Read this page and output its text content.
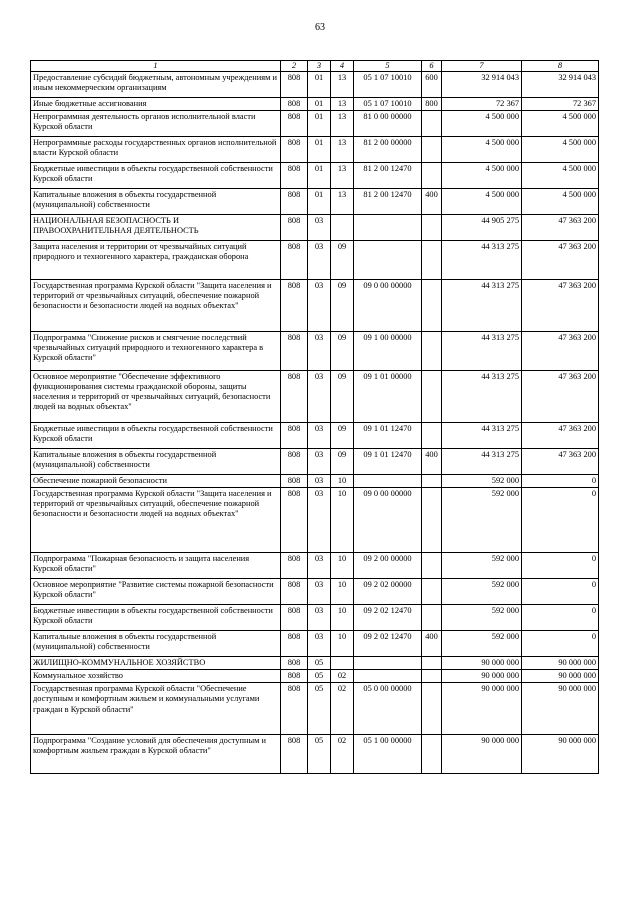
63
1	2	3	4	5	6	7	8
Предоставление субсидий бюджетным, автономным учреждениям и иным некоммерческим организациям	808	01	13	05 1 07 10010	600	32 914 043	32 914 043
Иные бюджетные ассигнования	808	01	13	05 1 07 10010	800	72 367	72 367
Непрограммная деятельность органов исполнительной власти Курской области	808	01	13	81 0 00 00000		4 500 000	4 500 000
Непрограммные расходы государственных органов исполнительной власти Курской области	808	01	13	81 2 00 00000		4 500 000	4 500 000
Бюджетные инвестиции в объекты государственной собственности Курской области	808	01	13	81 2 00 12470		4 500 000	4 500 000
Капитальные вложения в объекты государственной (муниципальной) собственности	808	01	13	81 2 00 12470	400	4 500 000	4 500 000
НАЦИОНАЛЬНАЯ БЕЗОПАСНОСТЬ И ПРАВООХРАНИТЕЛЬНАЯ ДЕЯТЕЛЬНОСТЬ	808	03				44 905 275	47 363 200
Защита населения и территории от чрезвычайных ситуаций природного и техногенного характера, гражданская оборона	808	03	09			44 313 275	47 363 200
Государственная программа Курской области "Защита населения и территорий от чрезвычайных ситуаций, обеспечение пожарной безопасности и безопасности людей на водных объектах"	808	03	09	09 0 00 00000		44 313 275	47 363 200
Подпрограмма "Снижение рисков и смягчение последствий чрезвычайных ситуаций природного и техногенного характера в Курской области"	808	03	09	09 1 00 00000		44 313 275	47 363 200
Основное мероприятие "Обеспечение эффективного функционирования системы гражданской обороны, защиты населения и территорий от чрезвычайных ситуаций, безопасности людей на водных объектах"	808	03	09	09 1 01 00000		44 313 275	47 363 200
Бюджетные инвестиции в объекты государственной собственности Курской области	808	03	09	09 1 01 12470		44 313 275	47 363 200
Капитальные вложения в объекты государственной (муниципальной) собственности	808	03	09	09 1 01 12470	400	44 313 275	47 363 200
Обеспечение пожарной безопасности	808	03	10			592 000	0
Государственная программа Курской области "Защита населения и территорий от чрезвычайных ситуаций, обеспечение пожарной безопасности и безопасности людей на водных объектах"	808	03	10	09 0 00 00000		592 000	0
Подпрограмма "Пожарная безопасность и защита населения Курской области"	808	03	10	09 2 00 00000		592 000	0
Основное мероприятие "Развитие системы пожарной безопасности Курской области"	808	03	10	09 2 02 00000		592 000	0
Бюджетные инвестиции в объекты государственной собственности Курской области	808	03	10	09 2 02 12470		592 000	0
Капитальные вложения в объекты государственной (муниципальной) собственности	808	03	10	09 2 02 12470	400	592 000	0
ЖИЛИЩНО-КОММУНАЛЬНОЕ ХОЗЯЙСТВО	808	05				90 000 000	90 000 000
Коммунальное хозяйство	808	05	02			90 000 000	90 000 000
Государственная программа Курской области "Обеспечение доступным и комфортным жильем и коммунальными услугами граждан в Курской области"	808	05	02	05 0 00 00000		90 000 000	90 000 000
Подпрограмма "Создание условий для обеспечения доступным и комфортным жильем граждан в Курской области"	808	05	02	05 1 00 00000		90 000 000	90 000 000
